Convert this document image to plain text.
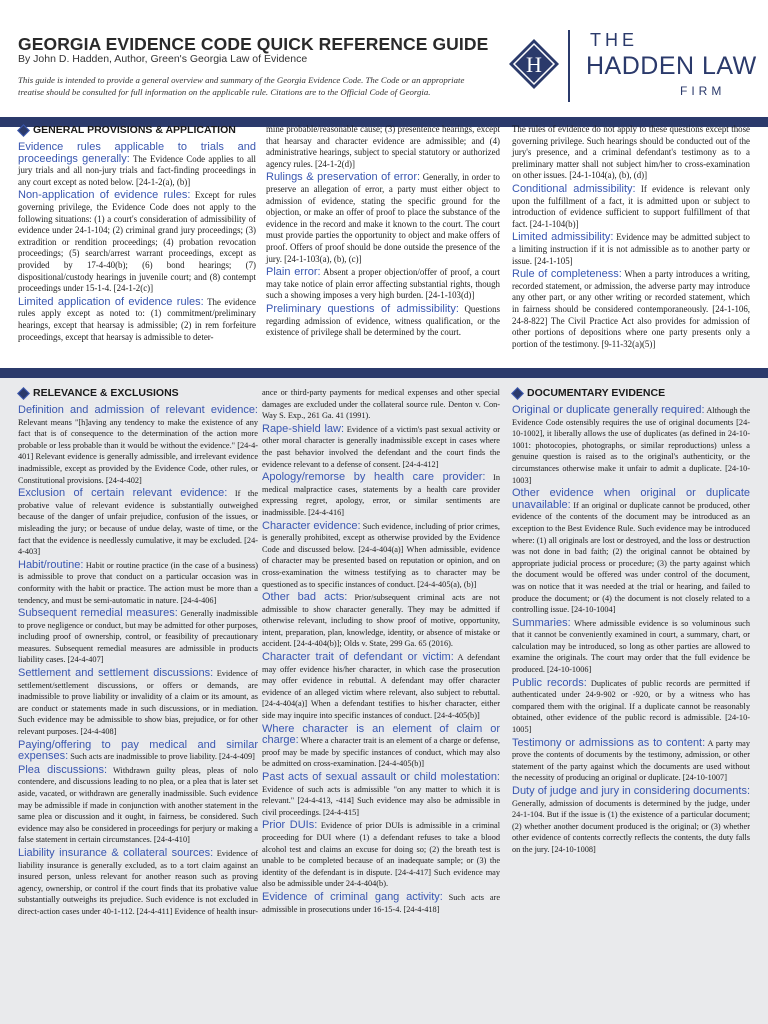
GEORGIA EVIDENCE CODE QUICK REFERENCE GUIDE
By John D. Hadden, Author, Green's Georgia Law of Evidence
This guide is intended to provide a general overview and summary of the Georgia Evidence Code. The Code or an appropriate treatise should be consulted for full information on the applicable rule. Citations are to the Official Code of Georgia.
H
THE
HADDEN LAW
FIRM
GENERAL PROVISIONS & APPLICATION

Evidence rules applicable to trials and proceedings generally: The Evidence Code applies to all jury trials and all non-jury trials and fact-finding proceedings in any court except as noted below. [24-1-2(a), (b)]

Non-application of evidence rules: Except for rules governing privilege, the Evidence Code does not apply to the following situations: (1) a court's consideration of admissibility of evidence under 24-1-104; (2) criminal grand jury proceedings; (3) extradition or rendition proceedings; (4) probation revocation proceedings; (5) search/arrest warrant proceedings, except as provided by 17-4-40(b); (6) bond hearings; (7) dispositional/custody hearings in juvenile court; and (8) contempt proceedings under 15-1-4. [24-1-2(c)]

Limited application of evidence rules: The evidence rules apply except as noted to: (1) commitment/preliminary hearings, except that hearsay is admissible; (2) in rem forfeiture proceedings, except that hearsay is admissible to deter-

mine probable/reasonable cause; (3) presentence hearings, except that hearsay and character evidence are admissible; and (4) administrative hearings, subject to special statutory or authorized agency rules. [24-1-2(d)]

Rulings & preservation of error: Generally, in order to preserve an allegation of error, a party must either object to admission of evidence, stating the specific ground for the objection, or make an offer of proof to place the substance of the evidence in the record and make it known to the court. The court must provide parties the opportunity to object and make offers of proof. Offers of proof should be done outside the presence of the jury. [24-1-103(a), (b), (c)]

Plain error: Absent a proper objection/offer of proof, a court may take notice of plain error affecting substantial rights, though such a showing imposes a very high burden. [24-1-103(d)]

Preliminary questions of admissibility: Questions regarding admission of evidence, witness qualification, or the existence of privilege shall be determined by the court.

The rules of evidence do not apply to these questions except those governing privilege. Such hearings should be conducted out of the jury's presence, and a criminal defendant's testimony as to a preliminary matter shall not subject him/her to cross-examination on other issues. [24-1-104(a), (b), (d)]

Conditional admissibility: If evidence is relevant only upon the fulfillment of a fact, it is admitted upon or subject to introduction of evidence sufficient to support fulfillment of that fact. [24-1-104(b)]

Limited admissibility: Evidence may be admitted subject to a limiting instruction if it is not admissible as to another party or issue. [24-1-105]

Rule of completeness: When a party introduces a writing, recorded statement, or admission, the adverse party may introduce any other part, or any other writing or recorded statement, which in fairness should be considered contemporaneously. [24-1-106, 24-8-822] The Civil Practice Act also provides for admission of other portions of depositions where one party presents only a portion of the testimony. [9-11-32(a)(5)]

RELEVANCE & EXCLUSIONS

Definition and admission of relevant evidence: Relevant means "[h]aving any tendency to make the existence of any fact that is of consequence to the determination of the action more probable or less probable than it would be without the evidence." [24-4-401] Relevant evidence is generally admissible, and irrelevant evidence inadmissible, except as provided by the Evidence Code, other rules, or Constitutional provisions. [24-4-402]

Exclusion of certain relevant evidence: If the probative value of relevant evidence is substantially outweighed because of the danger of unfair prejudice, confusion of the issues, or misleading the jury; or because of undue delay, waste of time, or the fact that the evidence is needlessly cumulative, it may be excluded. [24-4-403]

Habit/routine: Habit or routine practice (in the case of a business) is admissible to prove that conduct on a particular occasion was in conformity with the habit or practice. The action must be more than a tendency, and must be semi-automatic in nature. [24-4-406]

Subsequent remedial measures: Generally inadmissible to prove negligence or conduct, but may be admitted for other purposes, including proof of ownership, control, or feasibility of precautionary measures. Subsequent remedial measures are admissible in products liability cases. [24-4-407]

Settlement and settlement discussions: Evidence of settlement/settlement discussions, or offers or demands, are inadmissible to prove liability or invalidity of a claim or its amount, as are conduct or statements made in such discussions, or in mediation. Such evidence may be admissible to show bias, prejudice, or for other relevant purposes. [24-4-408]

Paying/offering to pay medical and similar expenses: Such acts are inadmissible to prove liability. [24-4-409]

Plea discussions: Withdrawn guilty pleas, pleas of nolo contendere, and discussions leading to no plea, or a plea that is later set aside, vacated, or withdrawn are generally inadmissible. Such evidence may be admissible if made in conjunction with another statement in the same plea or discussion and it ought, in fairness, be considered. Such evidence may also be considered in proceedings for perjury or making a false statement in certain circumstances. [24-4-410]

Liability insurance & collateral sources: Evidence of liability insurance is generally excluded, as to a tort claim against an insured person, unless relevant for another reason such as proving agency, ownership, or control if the court finds that its probative value substantially outweighs its prejudice. Such evidence is not excluded in direct-action cases under 40-1-112. [24-4-411] Evidence of health insur-

ance or third-party payments for medical expenses and other special damages are excluded under the collateral source rule. Denton v. Con-Way S. Exp., 261 Ga. 41 (1991).

Rape-shield law: Evidence of a victim's past sexual activity or other moral character is generally inadmissible except in cases where the past behavior involved the defendant and the court finds the evidence relevant to a defense of consent. [24-4-412]

Apology/remorse by health care provider: In medical malpractice cases, statements by a health care provider expressing regret, apology, error, or similar sentiments are inadmissible. [24-4-416]

Character evidence: Such evidence, including of prior crimes, is generally prohibited, except as otherwise provided by the Evidence Code and discussed below. [24-4-404(a)] When admissible, evidence of character may be presented based on reputation or opinion, and on cross-examination the witness testifying as to character may be questioned as to specific instances of conduct. [24-4-405(a), (b)]

Other bad acts: Prior/subsequent criminal acts are not admissible to show character generally. They may be admitted if otherwise relevant, including to show proof of motive, opportunity, intent, preparation, plan, knowledge, identity, or absence of mistake or accident. [24-4-404(b)]; Olds v. State, 299 Ga. 65 (2016).

Character trait of defendant or victim: A defendant may offer evidence his/her character, in which case the prosecution may offer evidence in rebuttal. A defendant may offer character evidence of an alleged victim where relevant, also subject to rebuttal. [24-4-404(a)] When a defendant testifies to his/her character, either side may inquire into specific instances of conduct. [24-4-405(b)]

Where character is an element of claim or charge: Where a character trait is an element of a charge or defense, proof may be made by specific instances of conduct, which may also be admitted on cross-examination. [24-4-405(b)]

Past acts of sexual assault or child molestation: Evidence of such acts is admissible "on any matter to which it is relevant." [24-4-413, -414] Such evidence may also be admissible in civil proceedings. [24-4-415]

Prior DUIs: Evidence of prior DUIs is admissible in a criminal proceeding for DUI where (1) a defendant refuses to take a blood alcohol test and claims an excuse for doing so; (2) the breath test is unable to be completed because of an inadequate sample; or (3) the identity of the defendant is in dispute. [24-4-417] Such evidence may also be admissible under 24-4-404(b).

Evidence of criminal gang activity: Such acts are admissible in prosecutions under 16-15-4. [24-4-418]

DOCUMENTARY EVIDENCE

Original or duplicate generally required: Although the Evidence Code ostensibly requires the use of original documents [24-10-1002], it liberally allows the use of duplicates (as defined in 24-10-1001: photocopies, photographs, or similar reproductions) unless a genuine question is raised as to the original's authenticity, or the circumstances otherwise make it unfair to admit a duplicate. [24-10-1003]

Other evidence when original or duplicate unavailable: If an original or duplicate cannot be produced, other evidence of the contents of the document may be introduced as an exception to the Best Evidence Rule. Such evidence may be introduced where: (1) all originals are lost or destroyed, and the loss or destruction was not done in bad faith; (2) the original cannot be obtained by appropriate judicial process or procedure; (3) the party against which the document would be offered was under control of the document, was on notice that it was needed at the trial or hearing, and failed to produce the document; or (4) the document is not closely related to a controlling issue. [24-10-1004]

Summaries: Where admissible evidence is so voluminous such that it cannot be conveniently examined in court, a summary, chart, or calculation may be introduced, so long as other parties are allowed to examine the originals. The court may order that the full evidence be produced. [24-10-1006]

Public records: Duplicates of public records are permitted if authenticated under 24-9-902 or -920, or by a witness who has compared them with the original. If a duplicate cannot be reasonably obtained, other evidence of the public record is admissible. [24-10-1005]

Testimony or admissions as to content: A party may prove the contents of documents by the testimony, admission, or other statement of the party against which the documents are used without the necessity of producing an original or duplicate. [24-10-1007]

Duty of judge and jury in considering documents: Generally, admission of documents is determined by the judge, under 24-1-104. But if the issue is (1) the existence of a particular document; (2) whether another document produced is the original; or (3) whether other evidence of contents correctly reflects the contents, the duty falls on the jury. [24-10-1008]
